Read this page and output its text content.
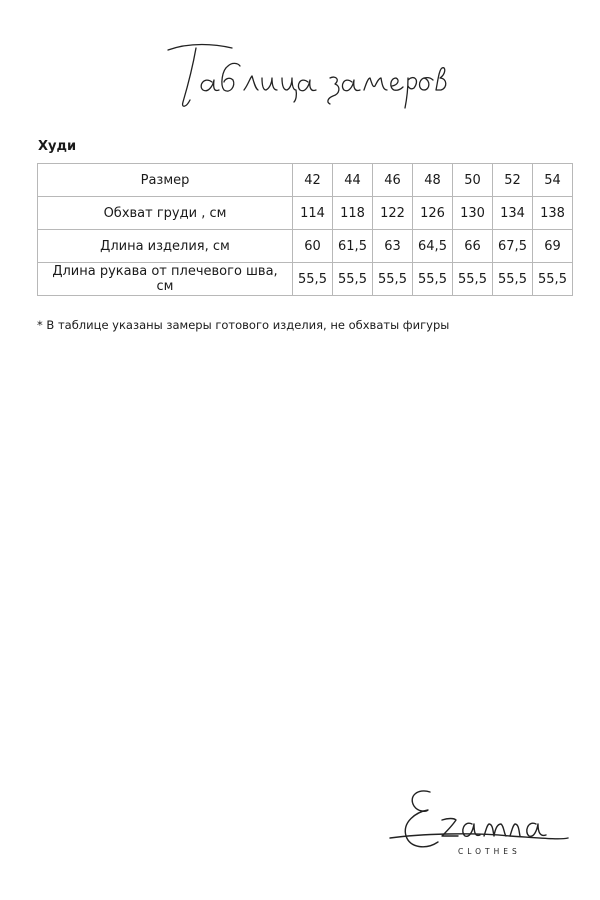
Худи
Размер	42	44	46	48	50	52	54
Обхват груди , см	114	118	122	126	130	134	138
Длина изделия, см	60	61,5	63	64,5	66	67,5	69
Длина рукава от плечевого шва, см	55,5	55,5	55,5	55,5	55,5	55,5	55,5
* В таблице указаны замеры готового изделия, не обхваты фигуры
CLOTHES
